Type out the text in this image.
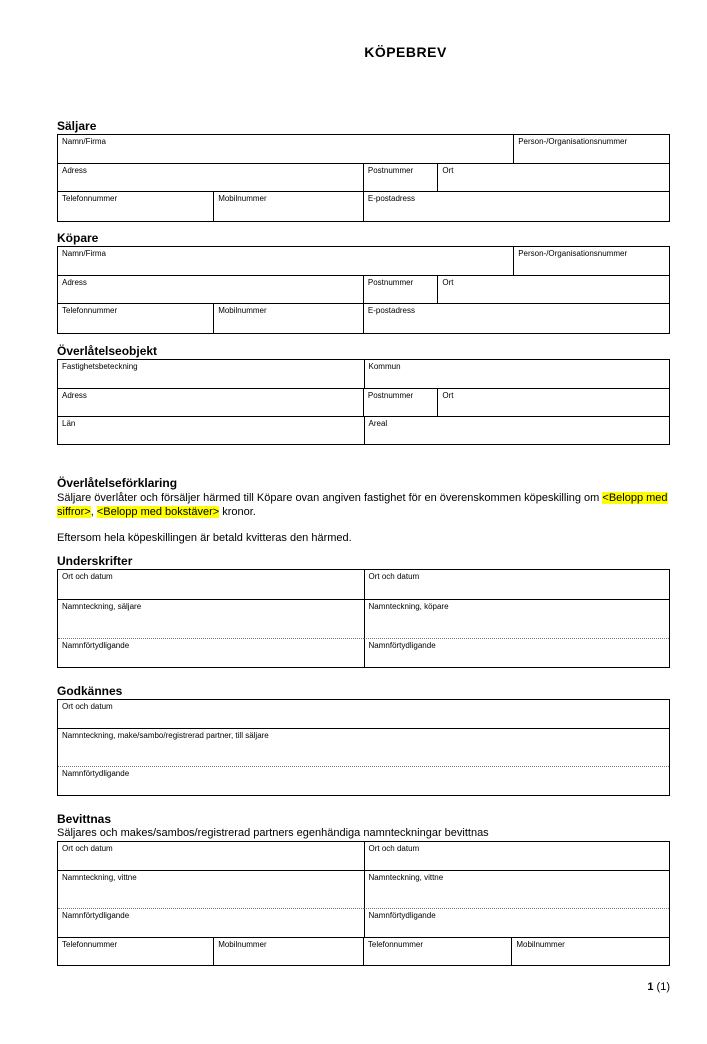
KÖPEBREV
Säljare
Namn/Firma	Person-/Organisationsnummer
Adress	Postnummer	Ort
Telefonnummer	Mobilnummer	E-postadress
Köpare
Namn/Firma	Person-/Organisationsnummer
Adress	Postnummer	Ort
Telefonnummer	Mobilnummer	E-postadress
Överlåtelseobjekt
Fastighetsbeteckning	Kommun
Adress	Postnummer	Ort
Län	Areal
Överlåtelseförklaring

Säljare överlåter och försäljer härmed till Köpare ovan angiven fastighet för en överenskommen köpeskilling om <Belopp med siffror>, <Belopp med bokstäver> kronor.

Eftersom hela köpeskillingen är betald kvitteras den härmed.

Underskrifter
Ort och datum	Ort och datum
Namnteckning, säljare	Namnteckning, köpare
Namnförtydligande	Namnförtydligande
Godkännes
Ort och datum
Namnteckning, make/sambo/registrerad partner, till säljare
Namnförtydligande
Bevittnas
Säljares och makes/sambos/registrerad partners egenhändiga namnteckningar bevittnas
Ort och datum	Ort och datum
Namnteckning, vittne	Namnteckning, vittne
Namnförtydligande	Namnförtydligande
Telefonnummer	Mobilnummer	Telefonnummer	Mobilnummer
1 (1)
